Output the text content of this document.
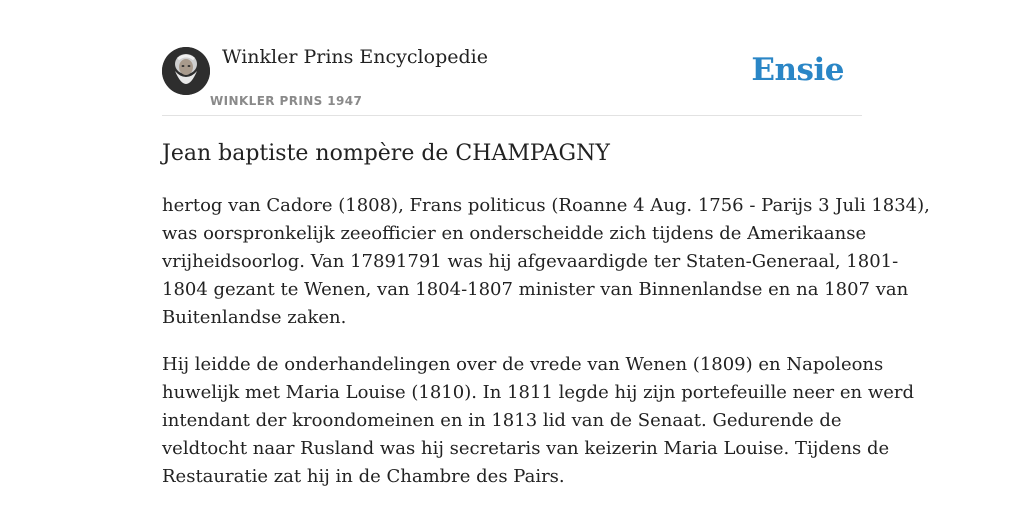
Winkler Prins Encyclopedie
WINKLER PRINS 1947
Ensie
Jean baptiste nompère de CHAMPAGNY

hertog van Cadore (1808), Frans politicus (Roanne 4 Aug. 1756 - Parijs 3 Juli 1834),
was oorspronkelijk zeeofficier en onderscheidde zich tijdens de Amerikaanse
vrijheidsoorlog. Van 17891791 was hij afgevaardigde ter Staten-Generaal, 1801-
1804 gezant te Wenen, van 1804-1807 minister van Binnenlandse en na 1807 van
Buitenlandse zaken.

Hij leidde de onderhandelingen over de vrede van Wenen (1809) en Napoleons
huwelijk met Maria Louise (1810). In 1811 legde hij zijn portefeuille neer en werd
intendant der kroondomeinen en in 1813 lid van de Senaat. Gedurende de
veldtocht naar Rusland was hij secretaris van keizerin Maria Louise. Tijdens de
Restauratie zat hij in de Chambre des Pairs.
